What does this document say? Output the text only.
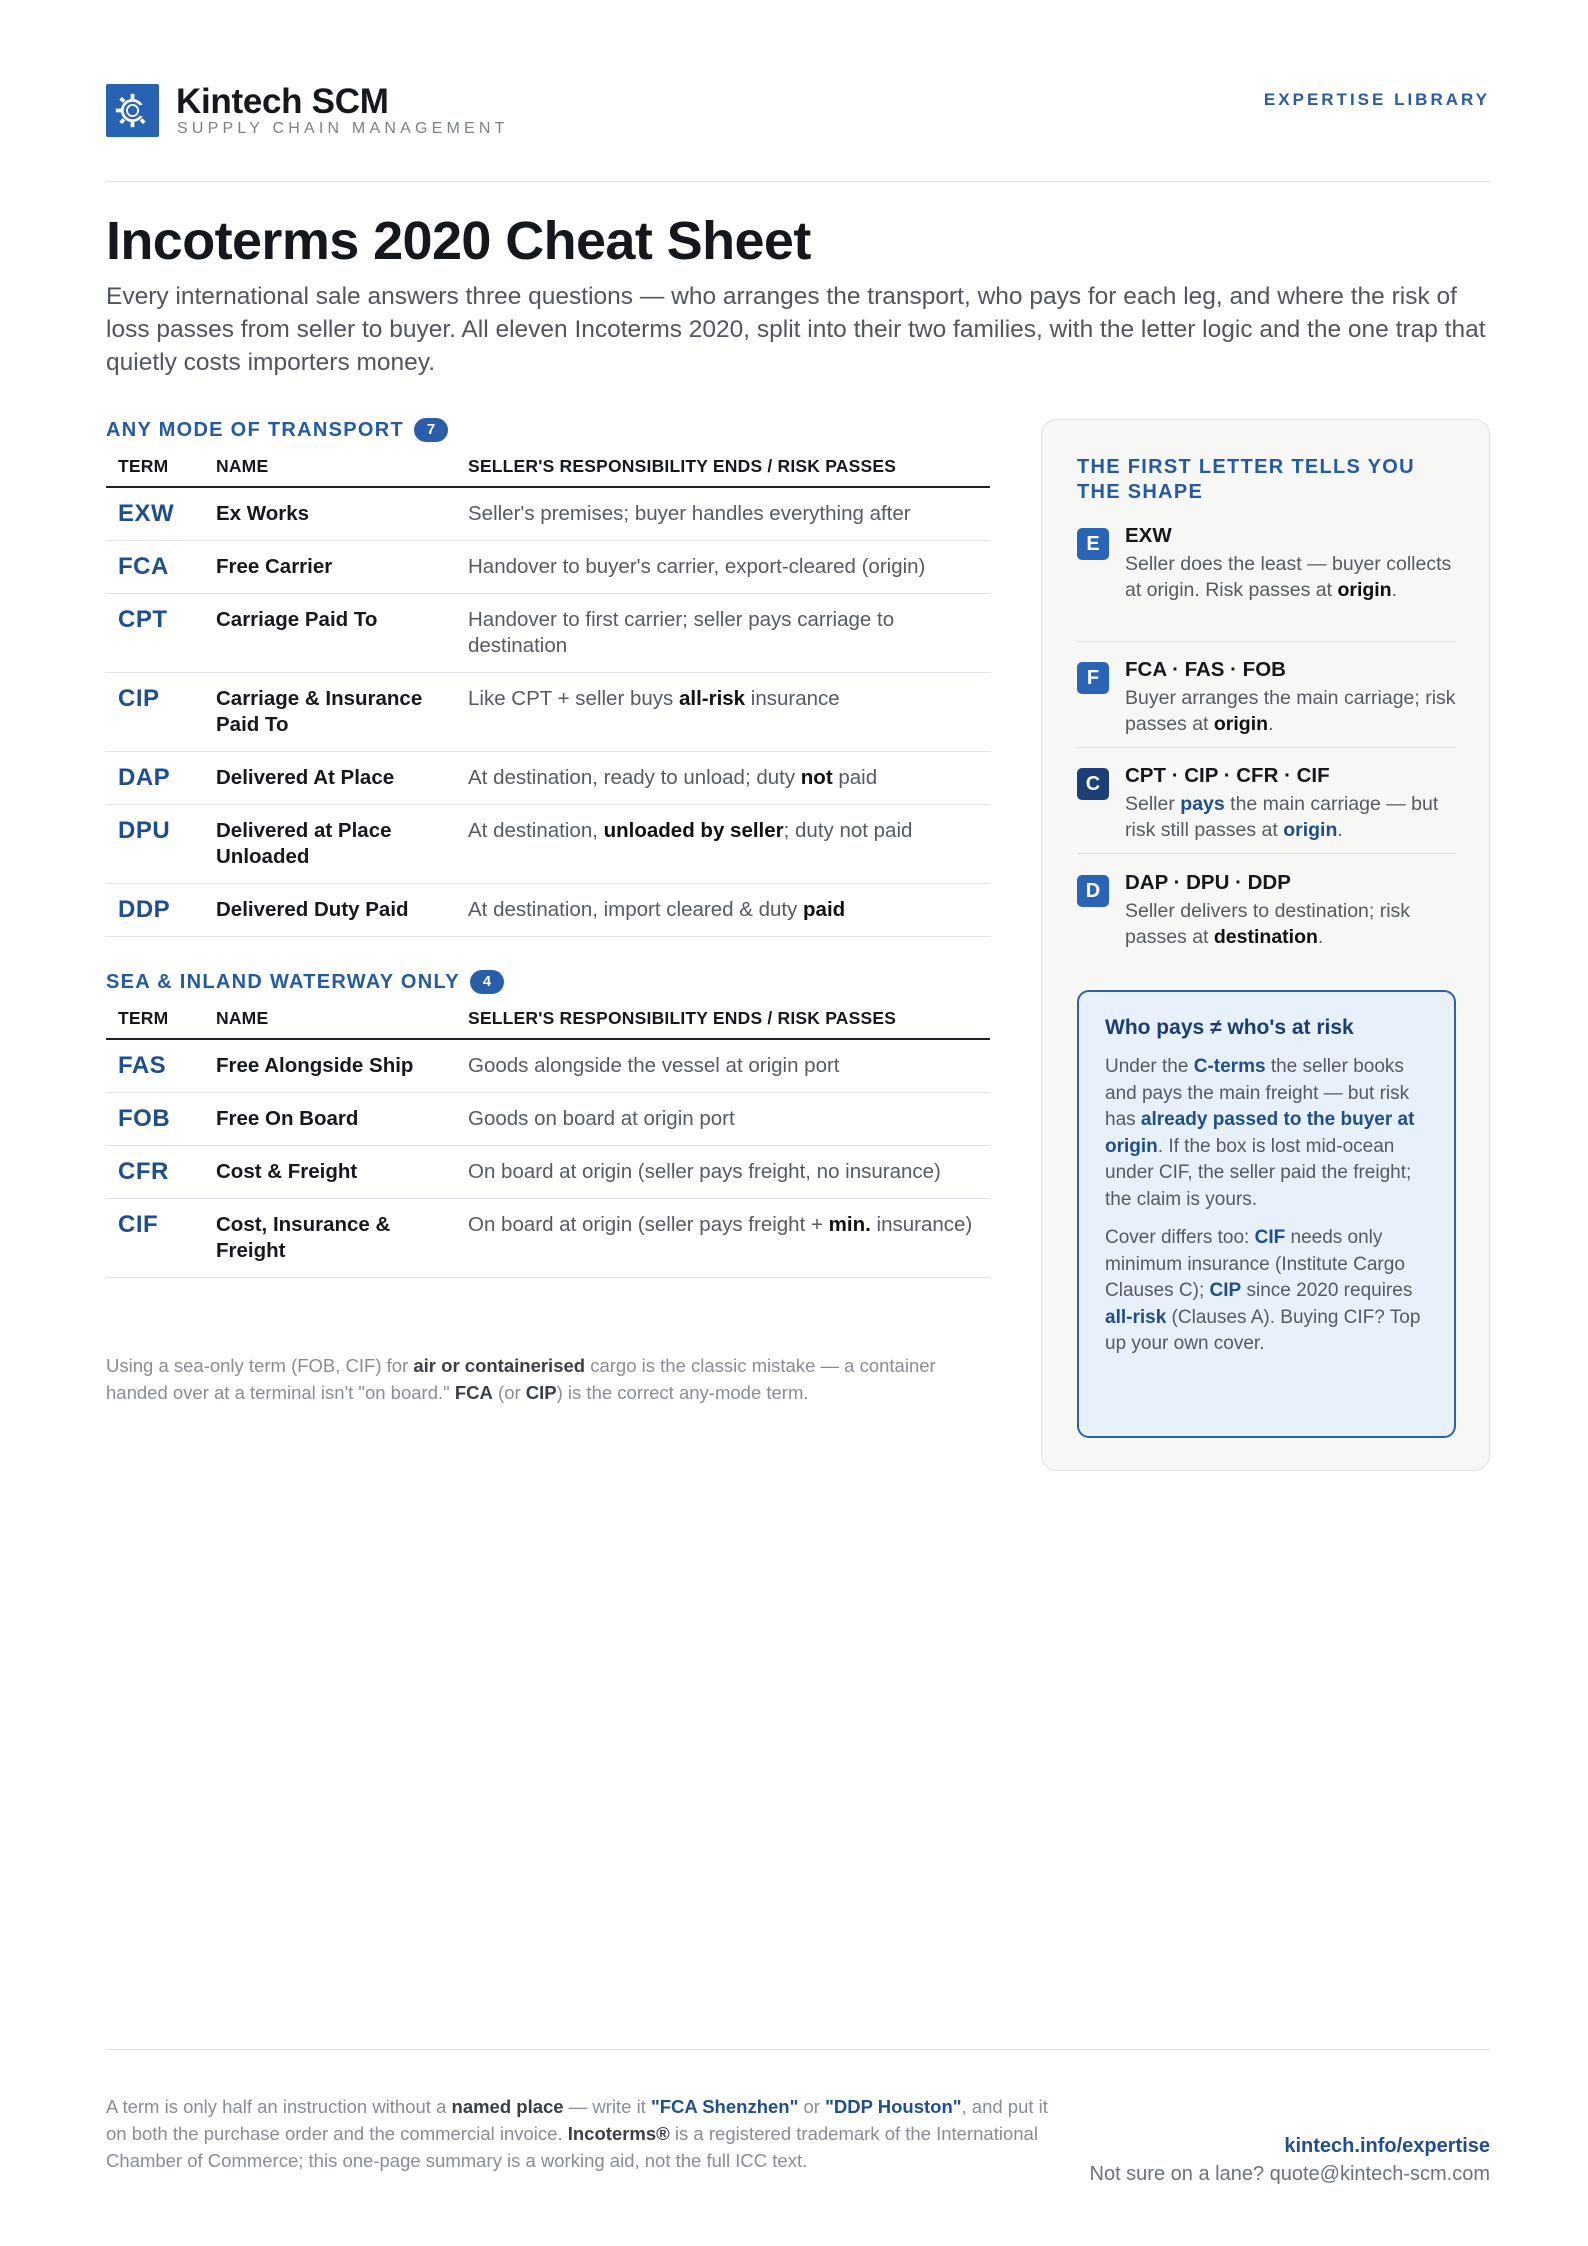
Kintech SCM
SUPPLY CHAIN MANAGEMENT
EXPERTISE LIBRARY
Incoterms 2020 Cheat Sheet

Every international sale answers three questions — who arranges the transport, who pays for each leg, and where the risk of loss passes from seller to buyer. All eleven Incoterms 2020, split into their two families, with the letter logic and the one trap that quietly costs importers money.

ANY MODE OF TRANSPORT 7
TERM	NAME	SELLER'S RESPONSIBILITY ENDS / RISK PASSES
EXW	Ex Works	Seller's premises; buyer handles everything after
FCA	Free Carrier	Handover to buyer's carrier, export-cleared (origin)
CPT	Carriage Paid To	Handover to first carrier; seller pays carriage to destination
CIP	Carriage & Insurance Paid To	Like CPT + seller buys all-risk insurance
DAP	Delivered At Place	At destination, ready to unload; duty not paid
DPU	Delivered at Place Unloaded	At destination, unloaded by seller; duty not paid
DDP	Delivered Duty Paid	At destination, import cleared & duty paid
SEA & INLAND WATERWAY ONLY 4
TERM	NAME	SELLER'S RESPONSIBILITY ENDS / RISK PASSES
FAS	Free Alongside Ship	Goods alongside the vessel at origin port
FOB	Free On Board	Goods on board at origin port
CFR	Cost & Freight	On board at origin (seller pays freight, no insurance)
CIF	Cost, Insurance & Freight	On board at origin (seller pays freight + min. insurance)

Using a sea-only term (FOB, CIF) for air or containerised cargo is the classic mistake — a container handed over at a terminal isn't "on board." FCA (or CIP) is the correct any-mode term.

THE FIRST LETTER TELLS YOU THE SHAPE
E	EXW
Seller does the least — buyer collects at origin. Risk passes at origin.
F	FCA · FAS · FOB
Buyer arranges the main carriage; risk passes at origin.
C	CPT · CIP · CFR · CIF
Seller pays the main carriage — but risk still passes at origin.
D	DAP · DPU · DDP
Seller delivers to destination; risk passes at destination.
Who pays ≠ who's at risk

Under the C-terms the seller books and pays the main freight — but risk has already passed to the buyer at origin. If the box is lost mid-ocean under CIF, the seller paid the freight; the claim is yours.

Cover differs too: CIF needs only minimum insurance (Institute Cargo Clauses C); CIP since 2020 requires all-risk (Clauses A). Buying CIF? Top up your own cover.

A term is only half an instruction without a named place — write it "FCA Shenzhen" or "DDP Houston", and put it on both the purchase order and the commercial invoice. Incoterms® is a registered trademark of the International Chamber of Commerce; this one-page summary is a working aid, not the full ICC text.

kintech.info/expertise
Not sure on a lane? quote@kintech-scm.com
